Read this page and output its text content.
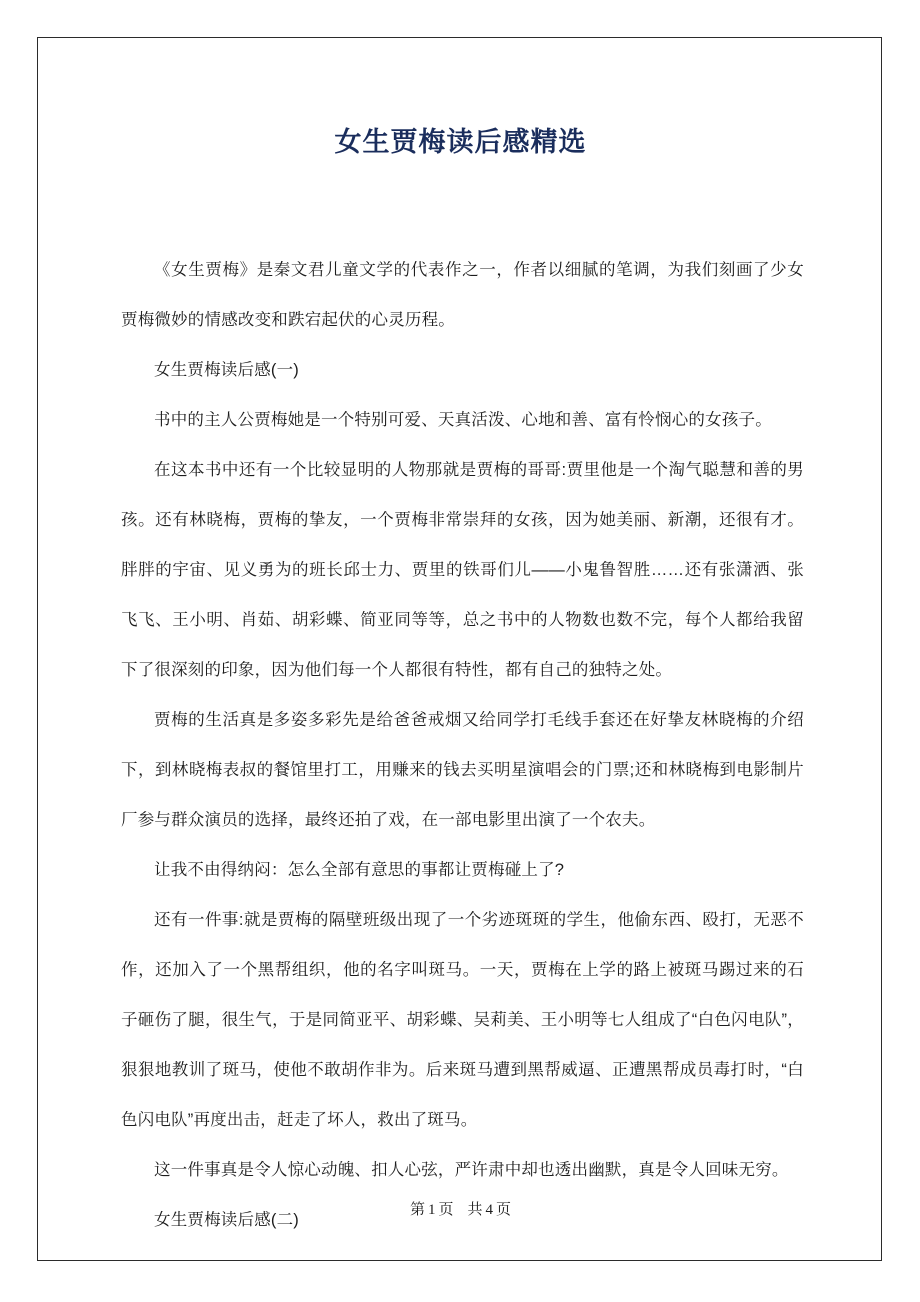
女生贾梅读后感精选

《女生贾梅》是秦文君儿童文学的代表作之一，作者以细腻的笔调，为我们刻画了少女贾梅微妙的情感改变和跌宕起伏的心灵历程。

女生贾梅读后感(一)

书中的主人公贾梅她是一个特别可爱、天真活泼、心地和善、富有怜悯心的女孩子。

在这本书中还有一个比较显明的人物那就是贾梅的哥哥:贾里他是一个淘气聪慧和善的男孩。还有林晓梅，贾梅的挚友，一个贾梅非常崇拜的女孩，因为她美丽、新潮，还很有才。胖胖的宇宙、见义勇为的班长邱士力、贾里的铁哥们儿——小鬼鲁智胜……还有张潇洒、张飞飞、王小明、肖茹、胡彩蝶、简亚同等等，总之书中的人物数也数不完，每个人都给我留下了很深刻的印象，因为他们每一个人都很有特性，都有自己的独特之处。

贾梅的生活真是多姿多彩先是给爸爸戒烟又给同学打毛线手套还在好挚友林晓梅的介绍下，到林晓梅表叔的餐馆里打工，用赚来的钱去买明星演唱会的门票;还和林晓梅到电影制片厂参与群众演员的选择，最终还拍了戏，在一部电影里出演了一个农夫。

让我不由得纳闷：怎么全部有意思的事都让贾梅碰上了?

还有一件事:就是贾梅的隔壁班级出现了一个劣迹斑斑的学生，他偷东西、殴打，无恶不作，还加入了一个黑帮组织，他的名字叫斑马。一天，贾梅在上学的路上被斑马踢过来的石子砸伤了腿，很生气，于是同简亚平、胡彩蝶、吴莉美、王小明等七人组成了“白色闪电队”，狠狠地教训了斑马，使他不敢胡作非为。后来斑马遭到黑帮威逼、正遭黑帮成员毒打时，“白色闪电队”再度出击，赶走了坏人，救出了斑马。

这一件事真是令人惊心动魄、扣人心弦，严许肃中却也透出幽默，真是令人回味无穷。

女生贾梅读后感(二)

第 1 页 共 4 页
